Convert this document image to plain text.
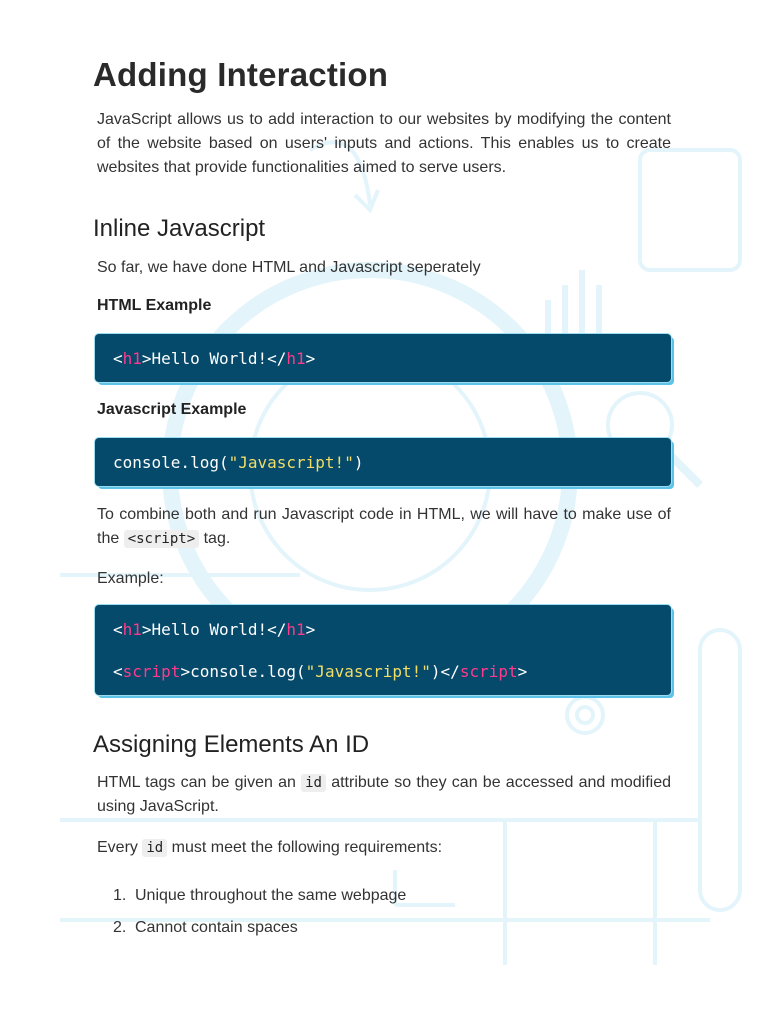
Adding Interaction

JavaScript allows us to add interaction to our websites by modifying the content of the website based on users' inputs and actions. This enables us to create websites that provide functionalities aimed to serve users.

Inline Javascript

So far, we have done HTML and Javascript seperately

HTML Example

<h1>Hello World!</h1>

Javascript Example

console.log("Javascript!")

To combine both and run Javascript code in HTML, we will have to make use of the <script> tag.

Example:

<h1>Hello World!</h1>
<script>console.log("Javascript!")</script>
Assigning Elements An ID

HTML tags can be given an id attribute so they can be accessed and modified using JavaScript.

Every id must meet the following requirements:

1. Unique throughout the same webpage
2. Cannot contain spaces
